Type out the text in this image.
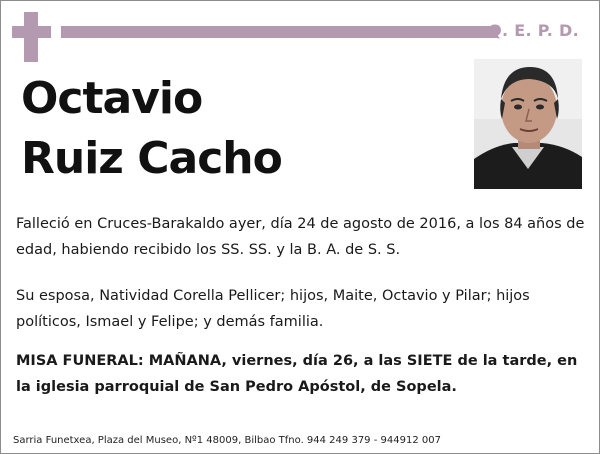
Q. E. P. D.
Octavio
Ruiz Cacho

Falleció en Cruces-Barakaldo ayer, día 24 de agosto de 2016, a los 84 años de edad, habiendo recibido los SS. SS. y la B. A. de S. S.

Su esposa, Natividad Corella Pellicer; hijos, Maite, Octavio y Pilar; hijos políticos, Ismael y Felipe; y demás familia.

MISA FUNERAL: MAÑANA, viernes, día 26, a las SIETE de la tarde, en la iglesia parroquial de San Pedro Apóstol, de Sopela.

Sarria Funetxea, Plaza del Museo, Nº1 48009, Bilbao Tfno. 944 249 379 - 944912 007
